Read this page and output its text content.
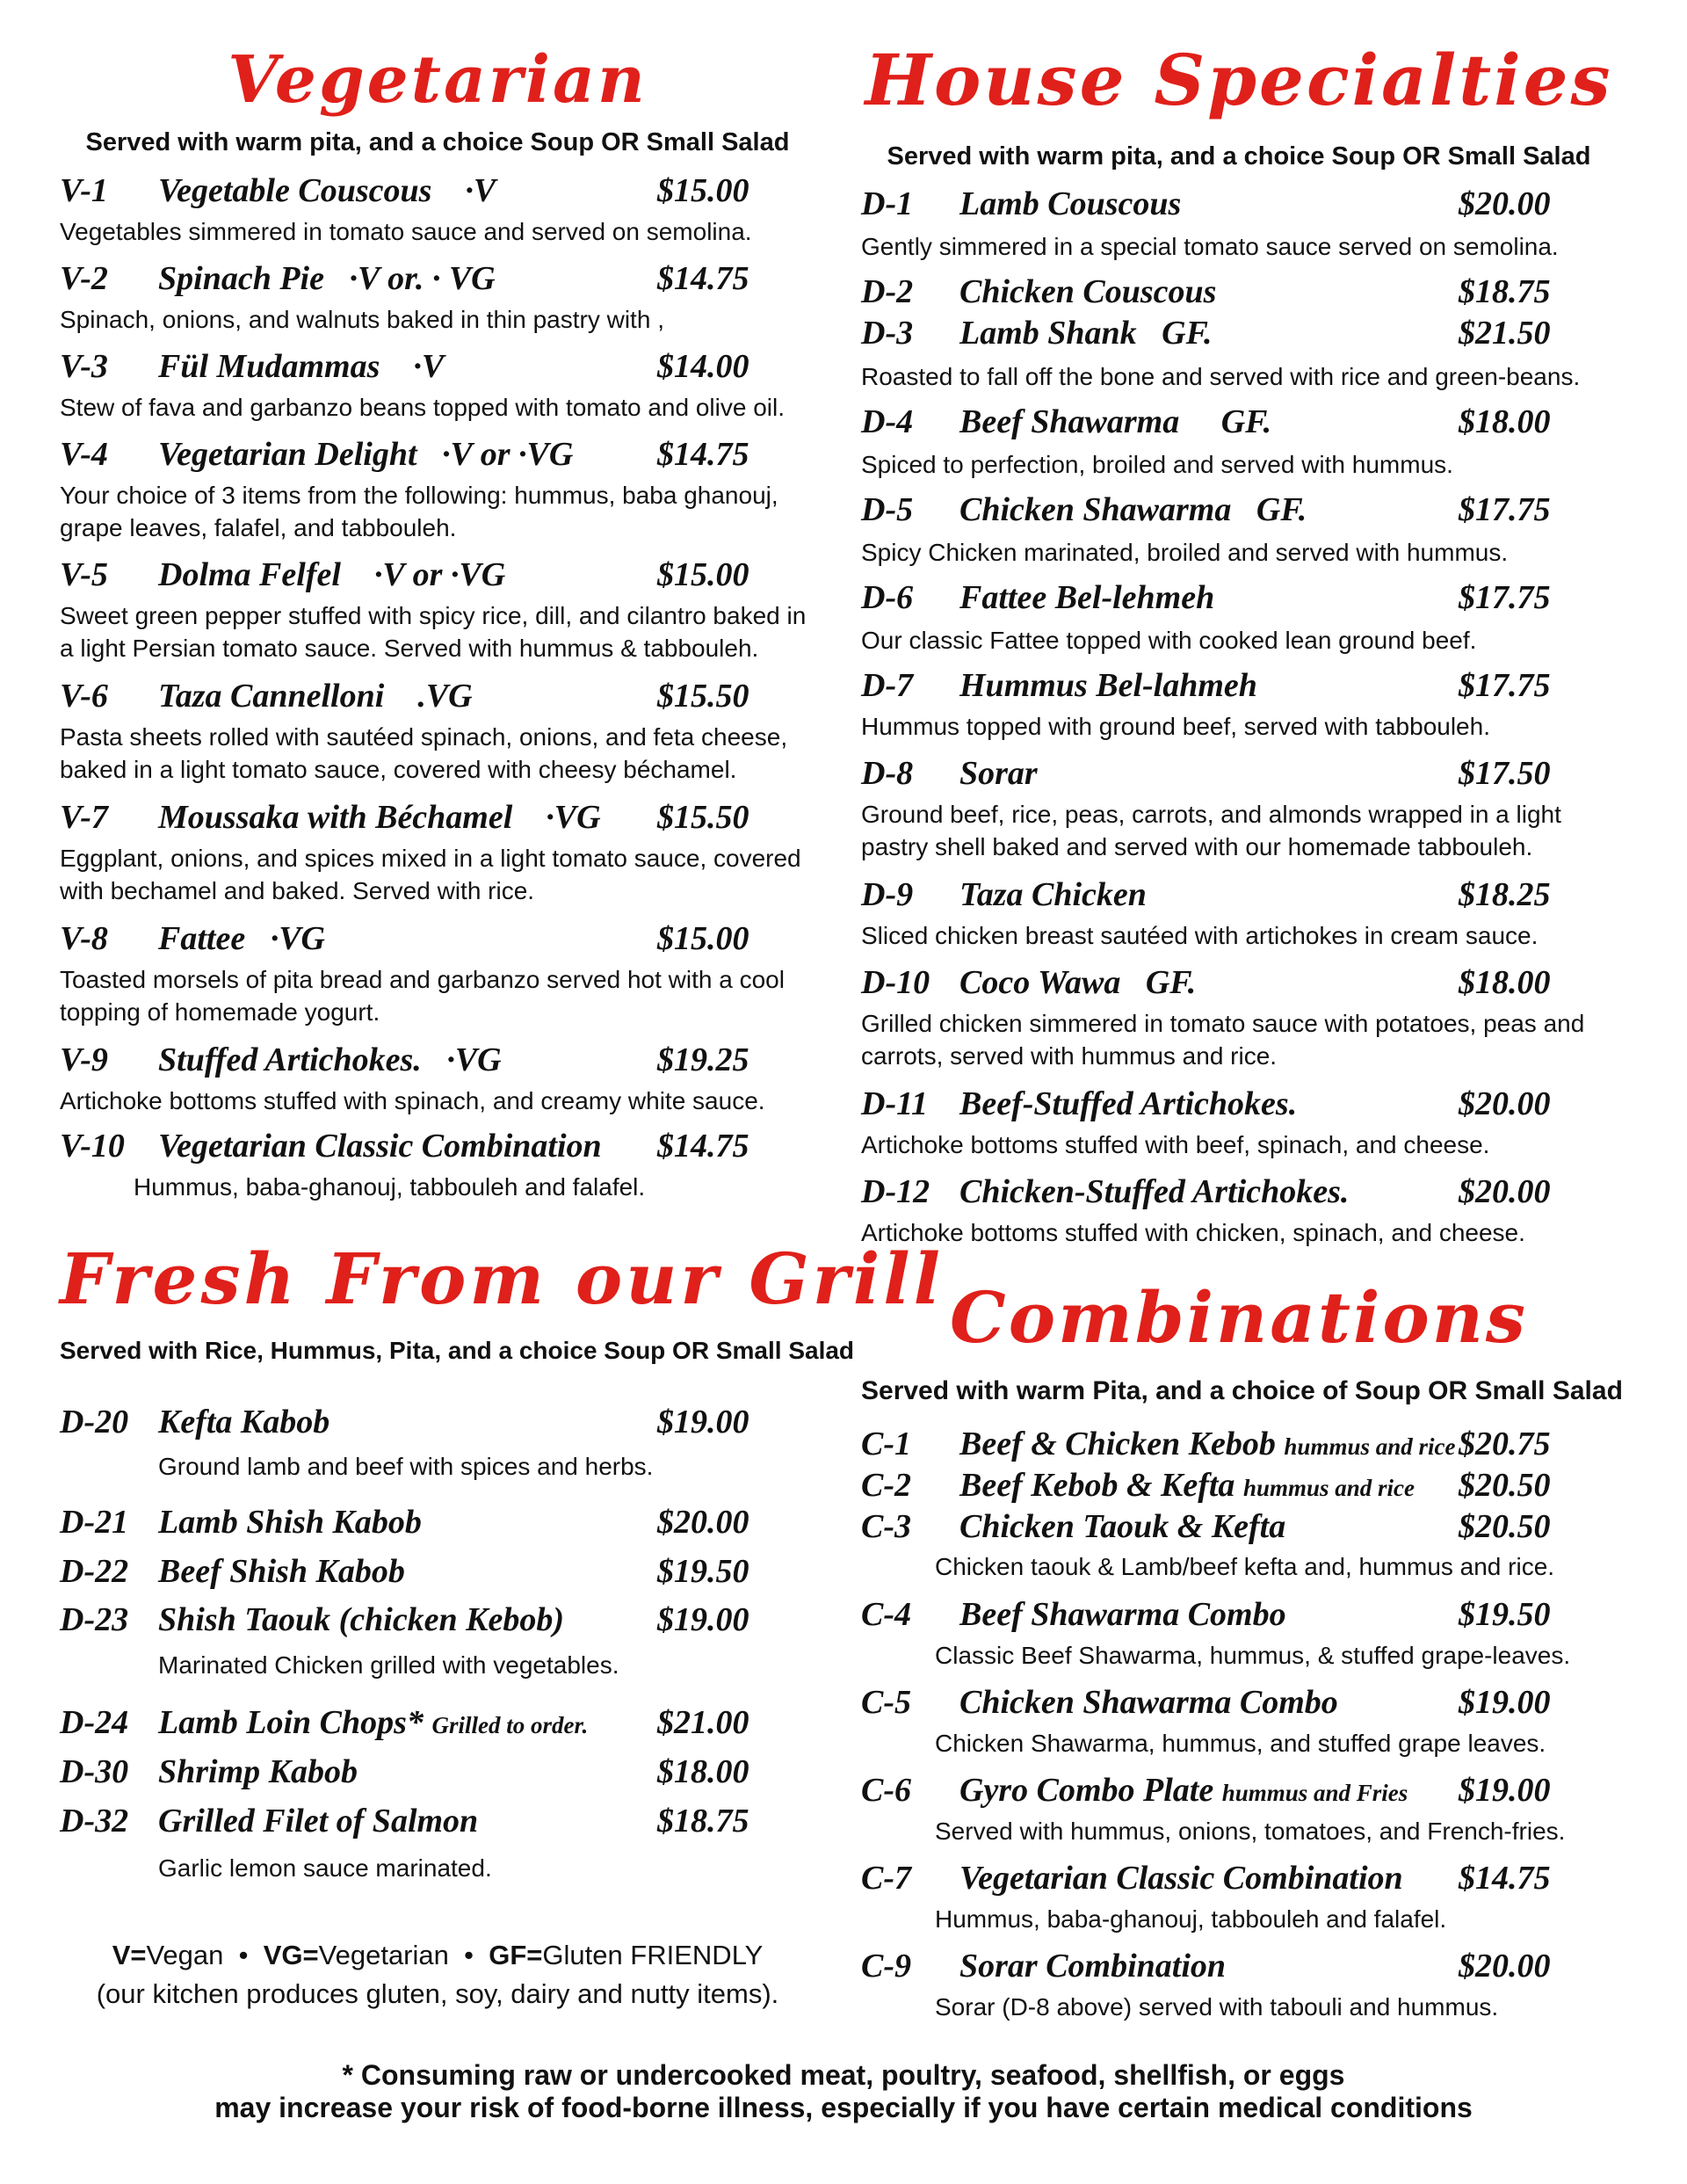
Vegetarian
Served with warm pita, and a choice Soup OR Small Salad
V-1 Vegetable Couscous ·V	$15.00
Vegetables simmered in tomato sauce and served on semolina.
V-2 Spinach Pie ·V or. · VG	$14.75
Spinach, onions, and walnuts baked in thin pastry with ,
V-3 Fül Mudammas ·V	$14.00
Stew of fava and garbanzo beans topped with tomato and olive oil.
V-4 Vegetarian Delight ·V or ·VG	$14.75
Your choice of 3 items from the following: hummus, baba ghanouj, grape leaves, falafel, and tabbouleh.
V-5 Dolma Felfel ·V or ·VG	$15.00
Sweet green pepper stuffed with spicy rice, dill, and cilantro baked in a light Persian tomato sauce. Served with hummus & tabbouleh.
V-6 Taza Cannelloni .VG	$15.50
Pasta sheets rolled with sautéed spinach, onions, and feta cheese, baked in a light tomato sauce, covered with cheesy béchamel.
V-7 Moussaka with Béchamel ·VG $15.50
Eggplant, onions, and spices mixed in a light tomato sauce, covered with bechamel and baked. Served with rice.
V-8 Fattee ·VG	$15.00
Toasted morsels of pita bread and garbanzo served hot with a cool topping of homemade yogurt.
V-9 Stuffed Artichokes. ·VG	$19.25
Artichoke bottoms stuffed with spinach, and creamy white sauce.
V-10 Vegetarian Classic Combination $14.75
Hummus, baba-ghanouj, tabbouleh and falafel.
Fresh From our Grill
Served with Rice, Hummus, Pita, and a choice Soup OR Small Salad
D-20 Kefta Kabob	$19.00
Ground lamb and beef with spices and herbs.
D-21 Lamb Shish Kabob	$20.00
D-22 Beef Shish Kabob	$19.50
D-23 Shish Taouk (chicken Kebob)	$19.00
Marinated Chicken grilled with vegetables.
D-24 Lamb Loin Chops* Grilled to order. $21.00
D-30 Shrimp Kabob	$18.00
D-32 Grilled Filet of Salmon	$18.75
Garlic lemon sauce marinated.
V=Vegan • VG=Vegetarian • GF=Gluten FRIENDLY
(our kitchen produces gluten, soy, dairy and nutty items).
House Specialties
Served with warm pita, and a choice Soup OR Small Salad
D-1 Lamb Couscous	$20.00
Gently simmered in a special tomato sauce served on semolina.
D-2 Chicken Couscous	$18.75
D-3 Lamb Shank GF.	$21.50
Roasted to fall off the bone and served with rice and green-beans.
D-4 Beef Shawarma GF.	$18.00
Spiced to perfection, broiled and served with hummus.
D-5 Chicken Shawarma GF.	$17.75
Spicy Chicken marinated, broiled and served with hummus.
D-6 Fattee Bel-lehmeh	$17.75
Our classic Fattee topped with cooked lean ground beef.
D-7 Hummus Bel-lahmeh	$17.75
Hummus topped with ground beef, served with tabbouleh.
D-8 Sorar	$17.50
Ground beef, rice, peas, carrots, and almonds wrapped in a light pastry shell baked and served with our homemade tabbouleh.
D-9 Taza Chicken	$18.25
Sliced chicken breast sautéed with artichokes in cream sauce.
D-10 Coco Wawa GF.	$18.00
Grilled chicken simmered in tomato sauce with potatoes, peas and carrots, served with hummus and rice.
D-11 Beef-Stuffed Artichokes.	$20.00
Artichoke bottoms stuffed with beef, spinach, and cheese.
D-12 Chicken-Stuffed Artichokes.	$20.00
Artichoke bottoms stuffed with chicken, spinach, and cheese.
Combinations
Served with warm Pita, and a choice of Soup OR Small Salad
C-1 Beef & Chicken Kebob hummus and rice $20.75
C-2 Beef Kebob & Kefta hummus and rice $20.50
C-3 Chicken Taouk & Kefta	$20.50
Chicken taouk & Lamb/beef kefta and, hummus and rice.
C-4 Beef Shawarma Combo	$19.50
Classic Beef Shawarma, hummus, & stuffed grape-leaves.
C-5 Chicken Shawarma Combo	$19.00
Chicken Shawarma, hummus, and stuffed grape leaves.
C-6 Gyro Combo Plate hummus and Fries $19.00
Served with hummus, onions, tomatoes, and French-fries.
C-7 Vegetarian Classic Combination $14.75
Hummus, baba-ghanouj, tabbouleh and falafel.
C-9 Sorar Combination	$20.00
Sorar (D-8 above) served with tabouli and hummus.
* Consuming raw or undercooked meat, poultry, seafood, shellfish, or eggs
may increase your risk of food-borne illness, especially if you have certain medical conditions
